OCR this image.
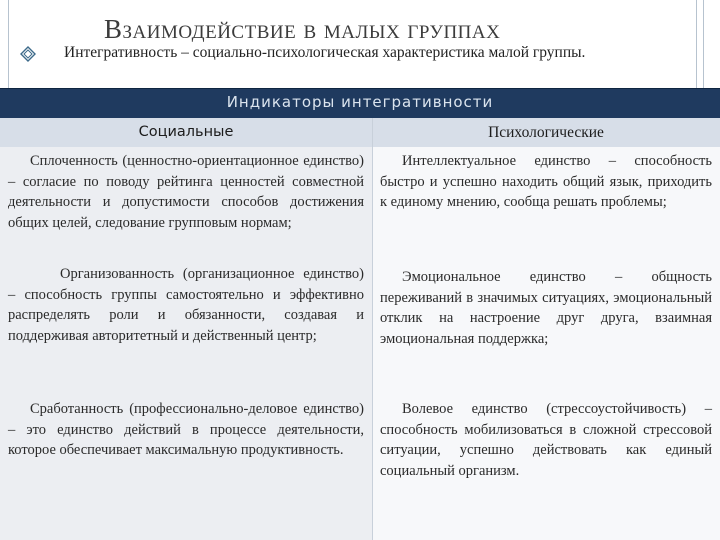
Взаимодействие в малых группах
Интегративность – социально-психологическая характеристика малой группы.
Индикаторы интегративности
Социальные	Психологические
Сплоченность (ценностно-ориентационное единство) – согласие по поводу рейтинга ценностей совместной деятельности и допустимости способов достижения общих целей, следование групповым нормам;
Интеллектуальное единство – способность быстро и успешно находить общий язык, приходить к единому мнению, сообща решать проблемы;
Организованность (организационное единство) – способность группы самостоятельно и эффективно распределять роли и обязанности, создавая и поддерживая авторитетный и действенный центр;
Эмоциональное единство – общность переживаний в значимых ситуациях, эмоциональный отклик на настроение друг друга, взаимная эмоциональная поддержка;
Сработанность (профессионально-деловое единство) – это единство действий в процессе деятельности, которое обеспечивает максимальную продуктивность.
Волевое единство (стрессоустойчивость) – способность мобилизоваться в сложной стрессовой ситуации, успешно действовать как единый социальный организм.
